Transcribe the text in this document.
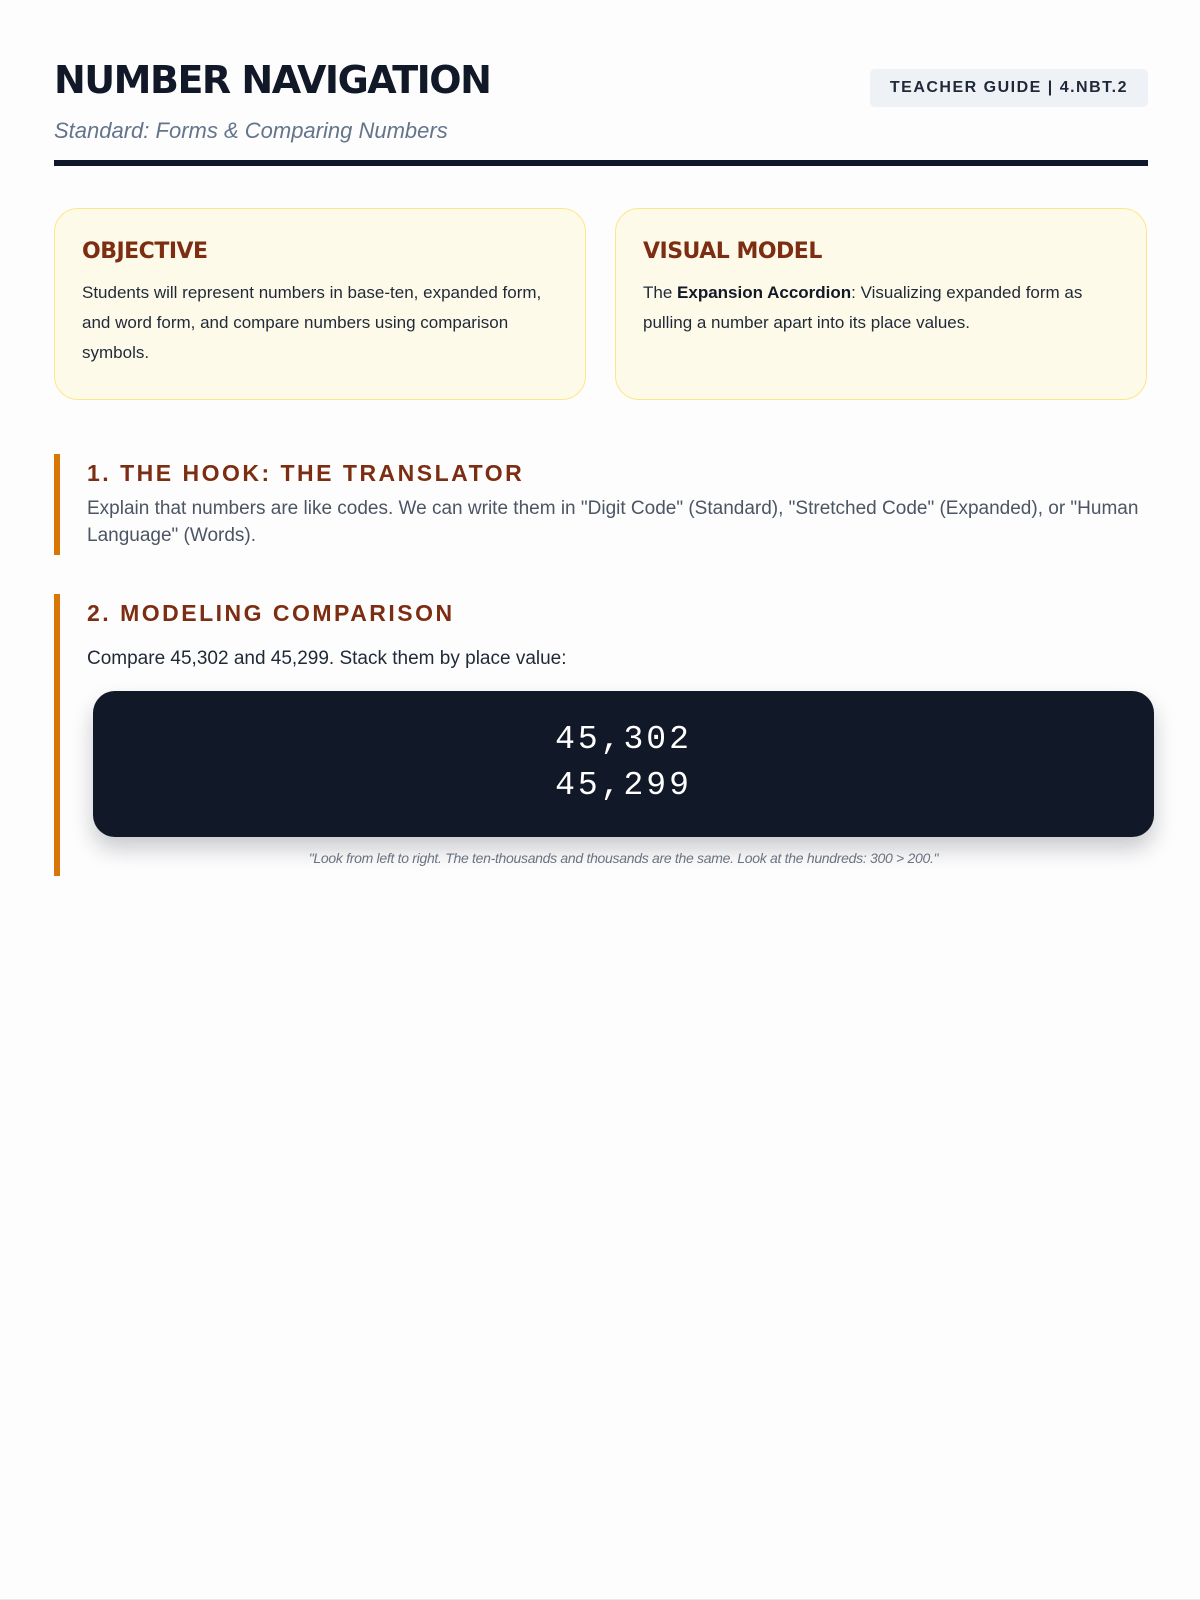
NUMBER NAVIGATION

Standard: Forms & Comparing Numbers

TEACHER GUIDE | 4.NBT.2
OBJECTIVE

Students will represent numbers in base-ten, expanded form, and word form, and compare numbers using comparison symbols.

VISUAL MODEL

The Expansion Accordion: Visualizing expanded form as pulling a number apart into its place values.

1. THE HOOK: THE TRANSLATOR

Explain that numbers are like codes. We can write them in "Digit Code" (Standard), "Stretched Code" (Expanded), or "Human Language" (Words).

2. MODELING COMPARISON

Compare 45,302 and 45,299. Stack them by place value:

45,302
45,299
"Look from left to right. The ten-thousands and thousands are the same. Look at the hundreds: 300 > 200."
